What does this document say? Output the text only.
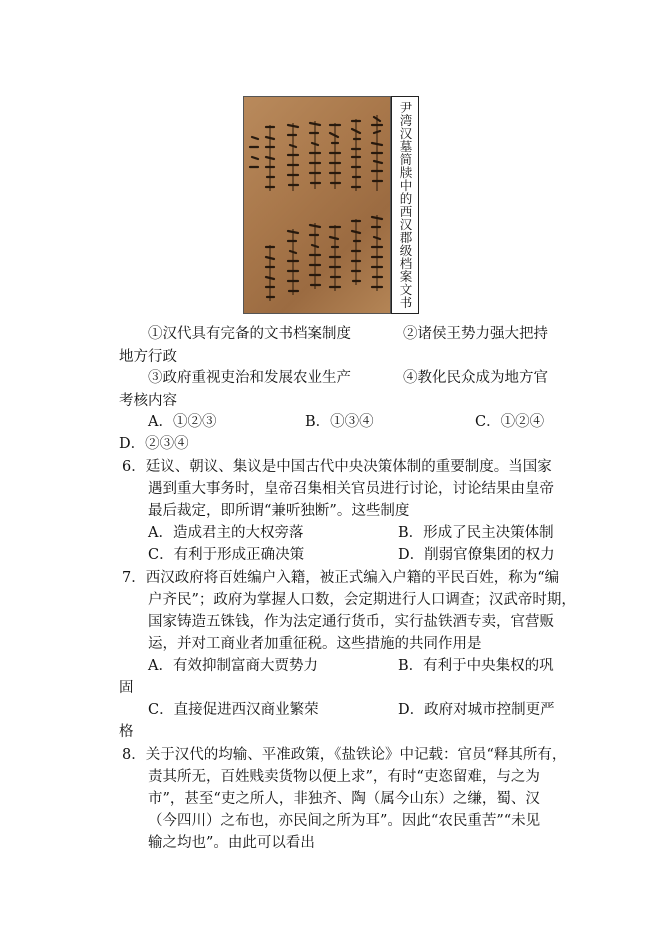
尹湾汉墓简牍中的西汉郡级档案文书
①汉代具有完备的文书档案制度	②诸侯王势力强大把持
地方行政
③政府重视吏治和发展农业生产	④教化民众成为地方官
考核内容
A．①②③	B．①③④	C．①②④
D．②③④
6．廷议、朝议、集议是中国古代中央决策体制的重要制度。当国家
遇到重大事务时，皇帝召集相关官员进行讨论，讨论结果由皇帝
最后裁定，即所谓“兼听独断”。这些制度
A．造成君主的大权旁落	B．形成了民主决策体制
C．有利于形成正确决策	D．削弱官僚集团的权力
7．西汉政府将百姓编户入籍，被正式编入户籍的平民百姓，称为“编
户齐民”；政府为掌握人口数，会定期进行人口调查；汉武帝时期，
国家铸造五铢钱，作为法定通行货币，实行盐铁酒专卖，官营贩
运，并对工商业者加重征税。这些措施的共同作用是
A．有效抑制富商大贾势力	B．有利于中央集权的巩
固
C．直接促进西汉商业繁荣	D．政府对城市控制更严
格
8．关于汉代的均输、平准政策，《盐铁论》中记载：官员“释其所有，
责其所无，百姓贱卖货物以便上求”，有时“吏恣留难，与之为
市”，甚至“吏之所人，非独齐、陶（属今山东）之缣，蜀、汉
（今四川）之布也，亦民间之所为耳”。因此“农民重苦”“未见
输之均也”。由此可以看出
